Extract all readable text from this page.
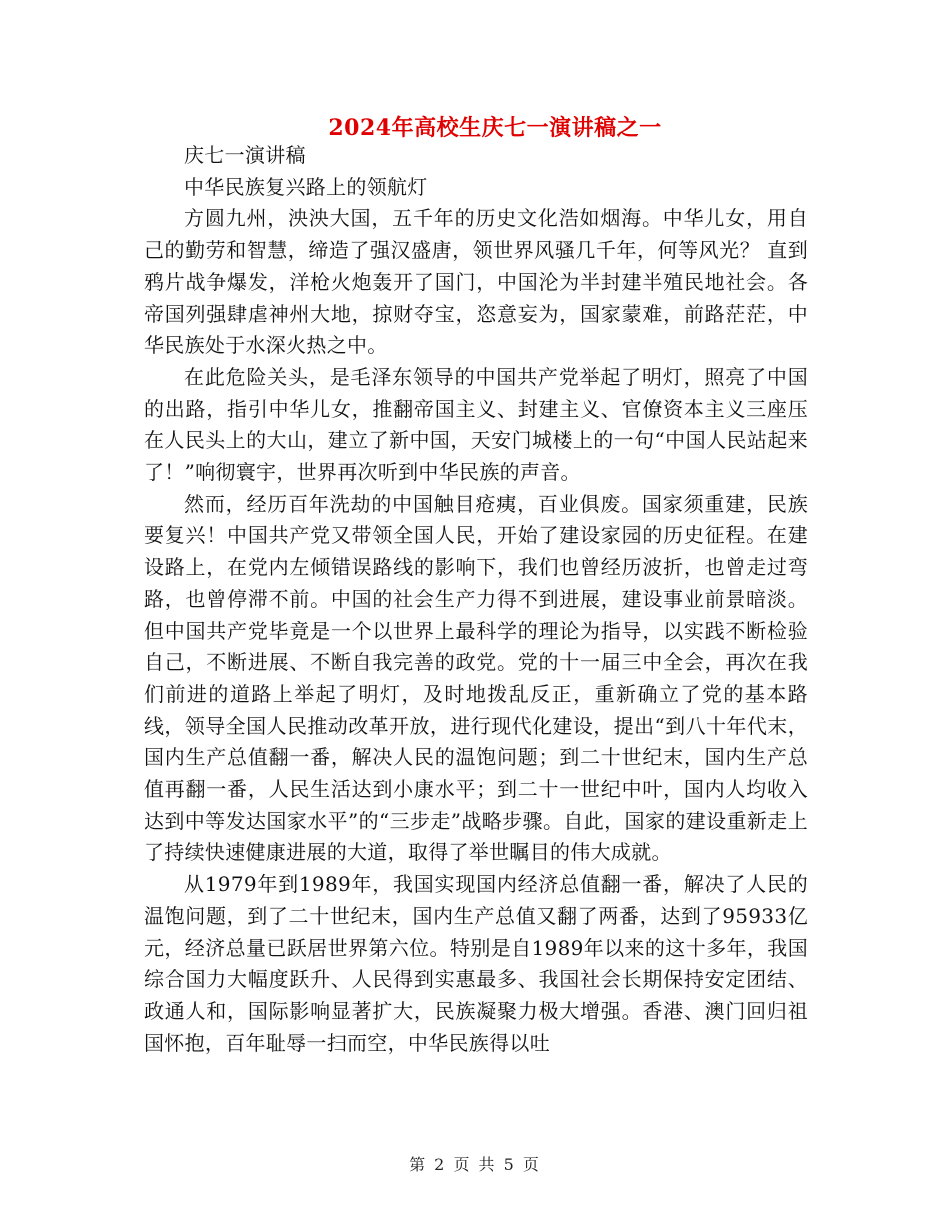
2024年高校生庆七一演讲稿之一

庆七一演讲稿

中华民族复兴路上的领航灯

方圆九州，泱泱大国，五千年的历史文化浩如烟海。中华儿女，用自己的勤劳和智慧，缔造了强汉盛唐，领世界风骚几千年，何等风光？ 直到鸦片战争爆发，洋枪火炮轰开了国门，中国沦为半封建半殖民地社会。各帝国列强肆虐神州大地，掠财夺宝，恣意妄为，国家蒙难，前路茫茫，中华民族处于水深火热之中。

在此危险关头，是毛泽东领导的中国共产党举起了明灯，照亮了中国的出路，指引中华儿女，推翻帝国主义、封建主义、官僚资本主义三座压在人民头上的大山，建立了新中国，天安门城楼上的一句“中国人民站起来了！”响彻寰宇，世界再次听到中华民族的声音。

然而，经历百年洗劫的中国触目疮痍，百业俱废。国家须重建，民族要复兴！中国共产党又带领全国人民，开始了建设家园的历史征程。在建设路上，在党内左倾错误路线的影响下，我们也曾经历波折，也曾走过弯路，也曾停滞不前。中国的社会生产力得不到进展，建设事业前景暗淡。但中国共产党毕竟是一个以世界上最科学的理论为指导，以实践不断检验自己，不断进展、不断自我完善的政党。党的十一届三中全会，再次在我们前进的道路上举起了明灯，及时地拨乱反正，重新确立了党的基本路线，领导全国人民推动改革开放，进行现代化建设，提出“到八十年代末，国内生产总值翻一番，解决人民的温饱问题；到二十世纪末，国内生产总值再翻一番，人民生活达到小康水平；到二十一世纪中叶，国内人均收入达到中等发达国家水平”的“三步走”战略步骤。自此，国家的建设重新走上了持续快速健康进展的大道，取得了举世瞩目的伟大成就。

从1979年到1989年，我国实现国内经济总值翻一番，解决了人民的温饱问题，到了二十世纪末，国内生产总值又翻了两番，达到了95933亿元，经济总量已跃居世界第六位。特别是自1989年以来的这十多年，我国综合国力大幅度跃升、人民得到实惠最多、我国社会长期保持安定团结、政通人和，国际影响显著扩大，民族凝聚力极大增强。香港、澳门回归祖国怀抱，百年耻辱一扫而空，中华民族得以吐

第 2 页 共 5 页
